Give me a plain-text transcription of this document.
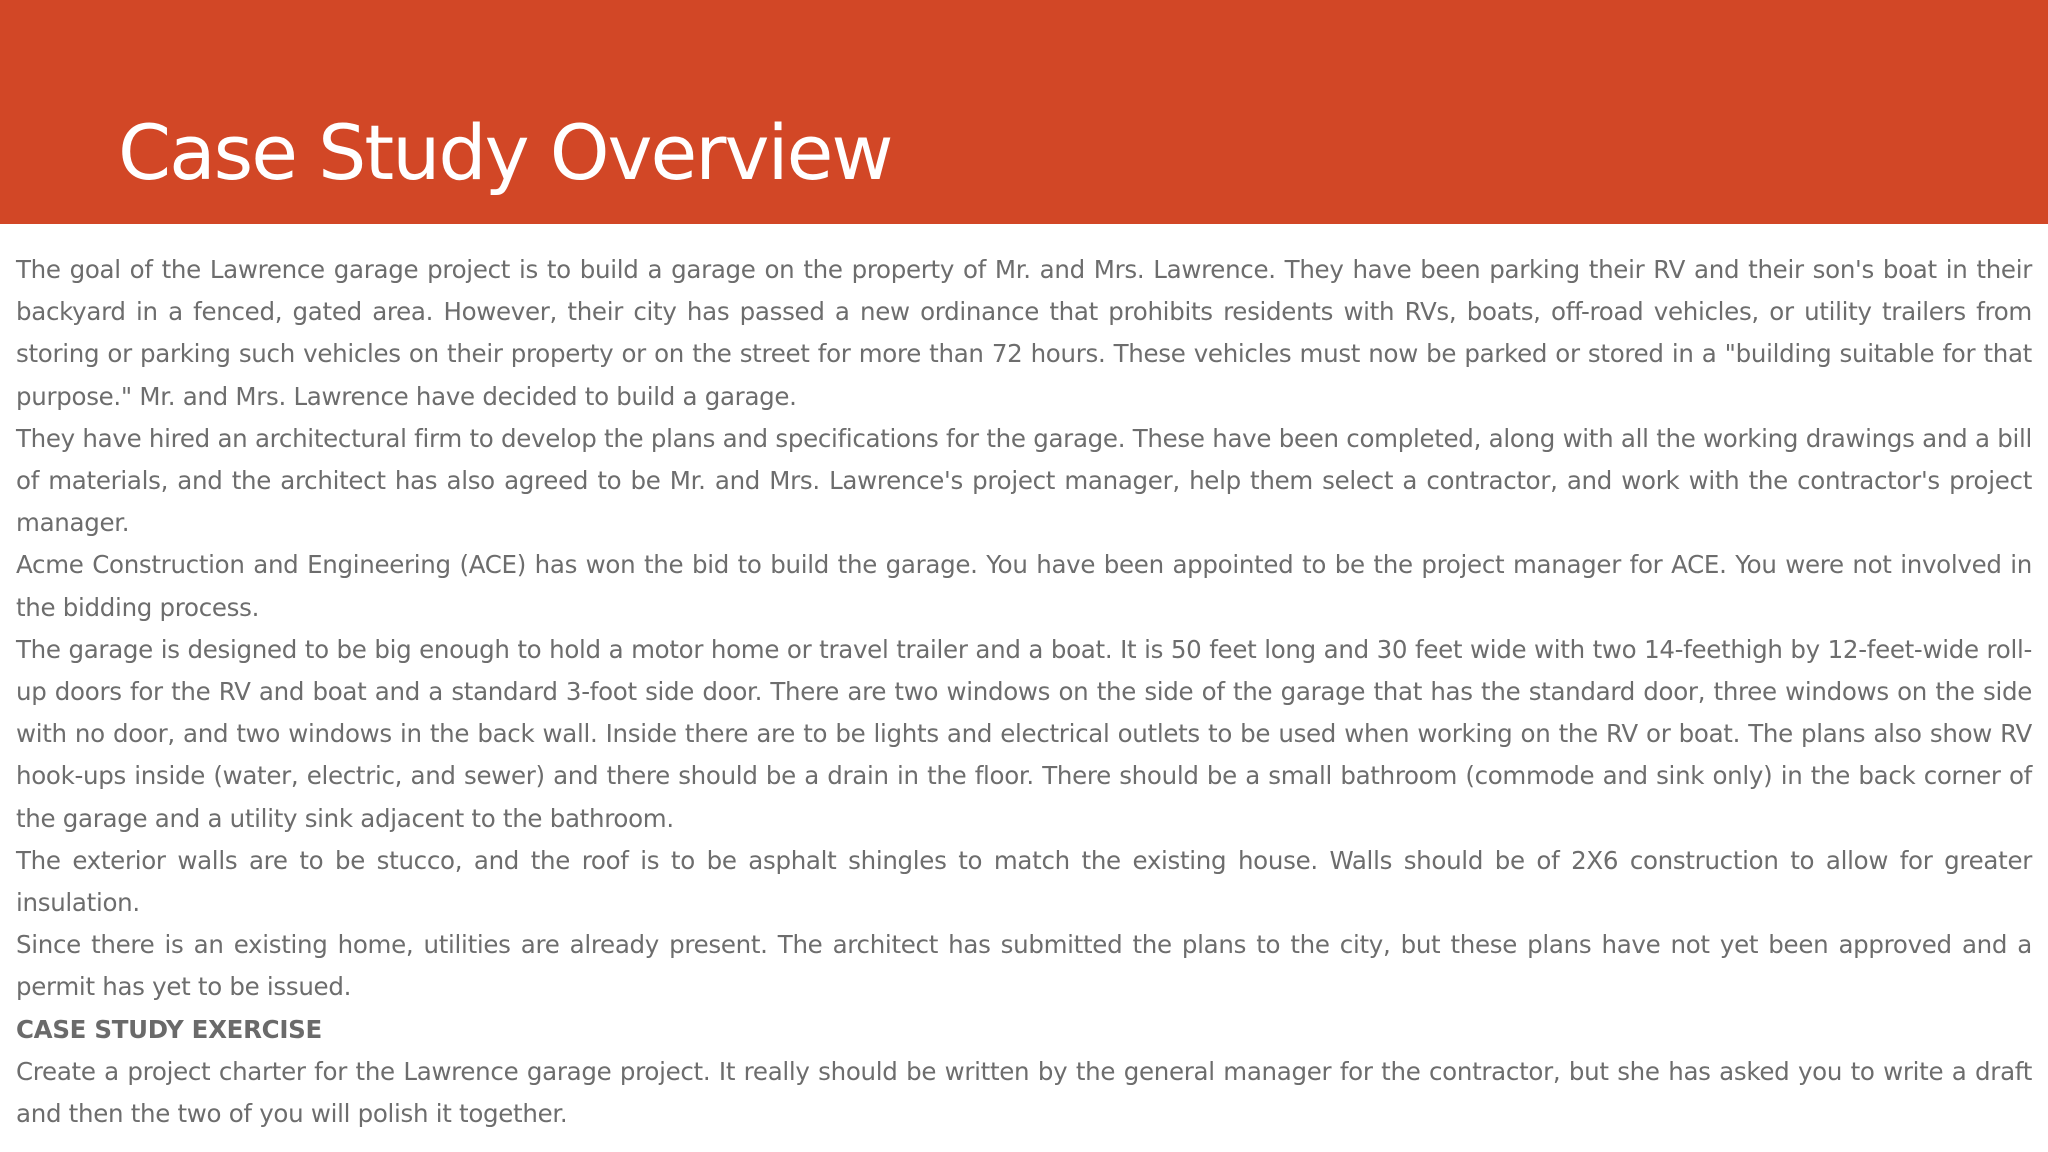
Case Study Overview

The goal of the Lawrence garage project is to build a garage on the property of Mr. and Mrs. Lawrence. They have been parking their RV and their son's boat in their backyard in a fenced, gated area. However, their city has passed a new ordinance that prohibits residents with RVs, boats, off-road vehicles, or utility trailers from storing or parking such vehicles on their property or on the street for more than 72 hours. These vehicles must now be parked or stored in a "building suitable for that purpose." Mr. and Mrs. Lawrence have decided to build a garage.

They have hired an architectural firm to develop the plans and specifications for the garage. These have been completed, along with all the working drawings and a bill of materials, and the architect has also agreed to be Mr. and Mrs. Lawrence's project manager, help them select a contractor, and work with the contractor's project manager.

Acme Construction and Engineering (ACE) has won the bid to build the garage. You have been appointed to be the project manager for ACE. You were not involved in the bidding process.

The garage is designed to be big enough to hold a motor home or travel trailer and a boat. It is 50 feet long and 30 feet wide with two 14-feethigh by 12-feet-wide roll-up doors for the RV and boat and a standard 3-foot side door. There are two windows on the side of the garage that has the standard door, three windows on the side with no door, and two windows in the back wall. Inside there are to be lights and electrical outlets to be used when working on the RV or boat. The plans also show RV hook-ups inside (water, electric, and sewer) and there should be a drain in the floor. There should be a small bathroom (commode and sink only) in the back corner of the garage and a utility sink adjacent to the bathroom.

The exterior walls are to be stucco, and the roof is to be asphalt shingles to match the existing house. Walls should be of 2X6 construction to allow for greater insulation.

Since there is an existing home, utilities are already present. The architect has submitted the plans to the city, but these plans have not yet been approved and a permit has yet to be issued.

CASE STUDY EXERCISE

Create a project charter for the Lawrence garage project. It really should be written by the general manager for the contractor, but she has asked you to write a draft and then the two of you will polish it together.
